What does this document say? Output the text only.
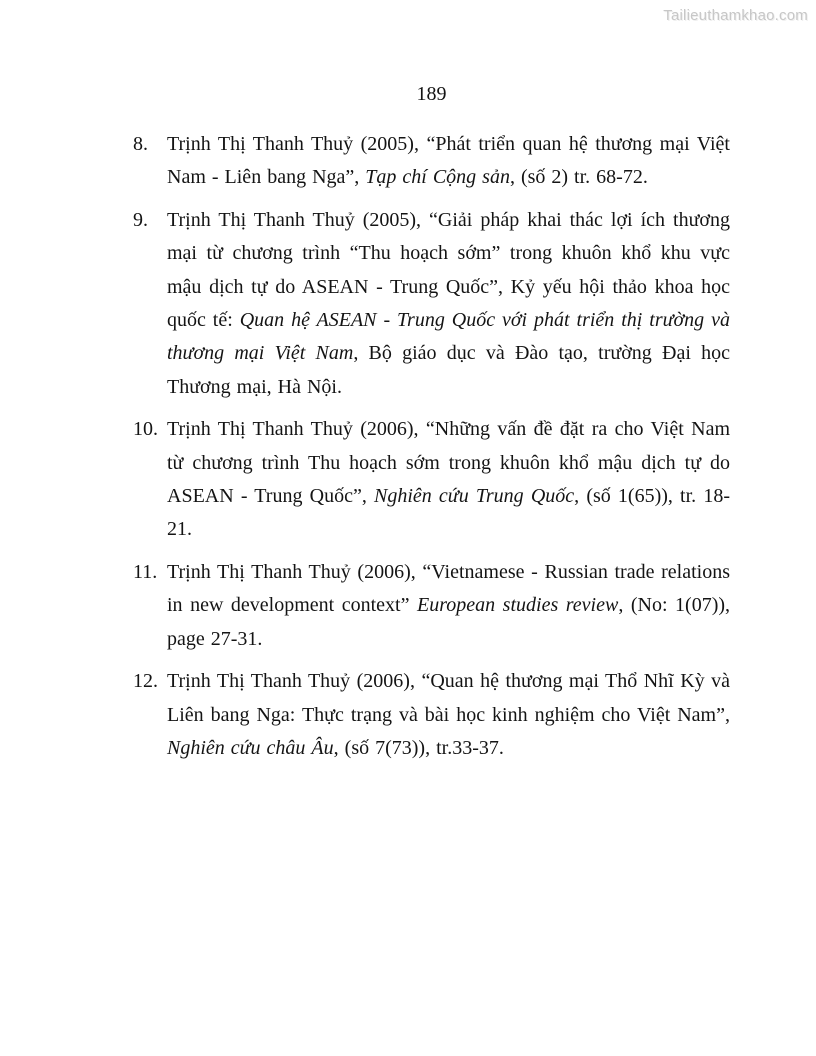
Tailieuthamkhao.com
189
8. Trịnh Thị Thanh Thuỷ (2005), “Phát triển quan hệ thương mại Việt Nam - Liên bang Nga”, Tạp chí Cộng sản, (số 2) tr. 68-72.
9. Trịnh Thị Thanh Thuỷ (2005), “Giải pháp khai thác lợi ích thương mại từ chương trình “Thu hoạch sớm” trong khuôn khổ khu vực mậu dịch tự do ASEAN - Trung Quốc”, Kỷ yếu hội thảo khoa học quốc tế: Quan hệ ASEAN - Trung Quốc với phát triển thị trường và thương mại Việt Nam, Bộ giáo dục và Đào tạo, trường Đại học Thương mại, Hà Nội.
10. Trịnh Thị Thanh Thuỷ (2006), “Những vấn đề đặt ra cho Việt Nam từ chương trình Thu hoạch sớm trong khuôn khổ mậu dịch tự do ASEAN - Trung Quốc”, Nghiên cứu Trung Quốc, (số 1(65)), tr. 18-21.
11. Trịnh Thị Thanh Thuỷ (2006), “Vietnamese - Russian trade relations in new development context” European studies review, (No: 1(07)), page 27-31.
12. Trịnh Thị Thanh Thuỷ (2006), “Quan hệ thương mại Thổ Nhĩ Kỳ và Liên bang Nga: Thực trạng và bài học kinh nghiệm cho Việt Nam”, Nghiên cứu châu Âu, (số 7(73)), tr.33-37.
